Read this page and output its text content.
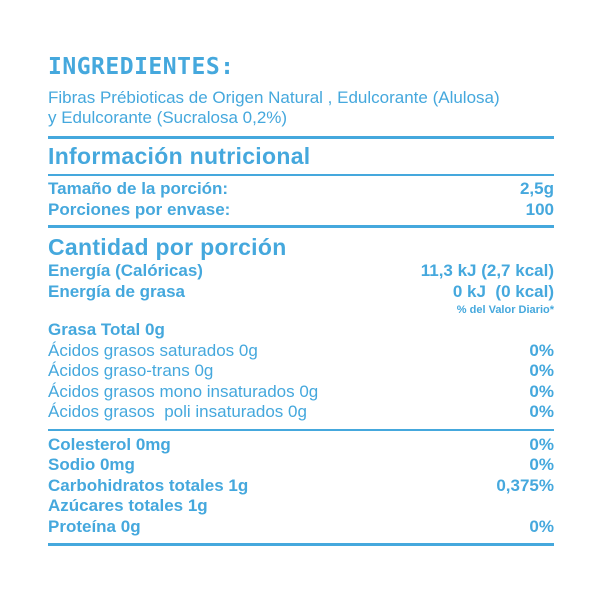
INGREDIENTES:
Fibras Prébioticas de Origen Natural , Edulcorante (Alulosa)
y Edulcorante (Sucralosa 0,2%)
Información nutricional
Tamaño de la porción:	2,5g
Porciones por envase:	100
Cantidad por porción
Energía (Calóricas)	11,3 kJ (2,7 kcal)
Energía de grasa	0 kJ  (0 kcal)
% del Valor Diario*
Grasa Total 0g
Ácidos grasos saturados 0g	0%
Ácidos graso-trans 0g	0%
Ácidos grasos mono insaturados 0g	0%
Ácidos grasos  poli insaturados 0g	0%
Colesterol 0mg	0%
Sodio 0mg	0%
Carbohidratos totales 1g	0,375%
Azúcares totales 1g
Proteína 0g	0%
